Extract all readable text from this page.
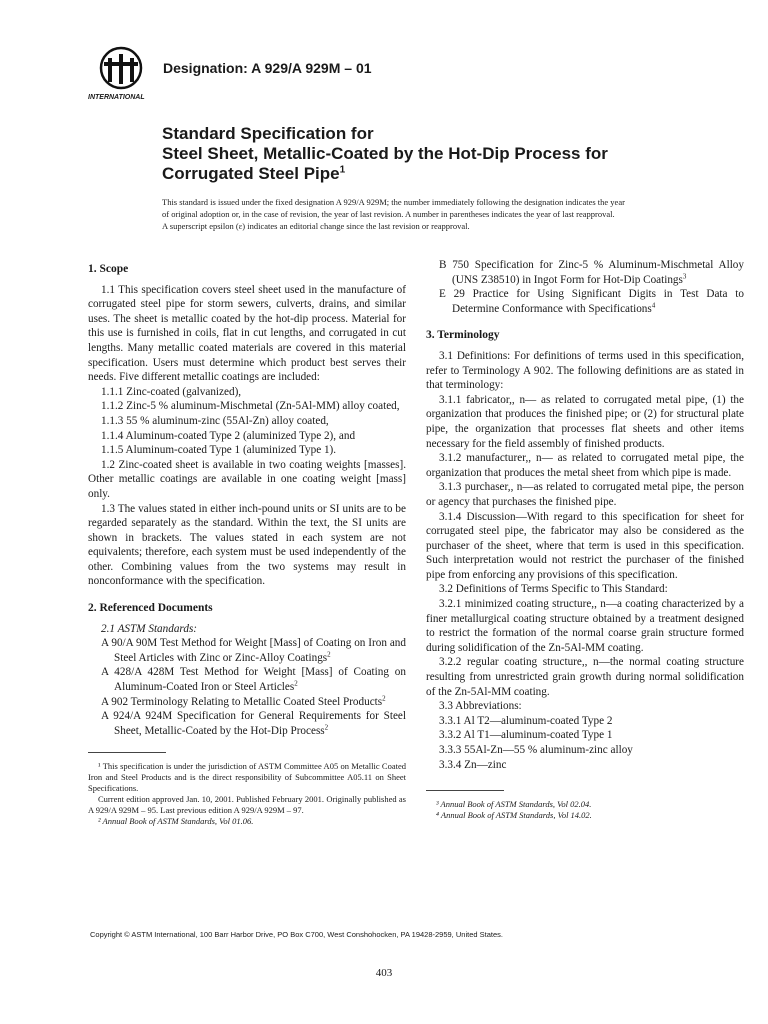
INTERNATIONAL
Designation: A 929/A 929M – 01
Standard Specification for
Steel Sheet, Metallic-Coated by the Hot-Dip Process for
Corrugated Steel Pipe$^1$
This standard is issued under the fixed designation A 929/A 929M; the number immediately following the designation indicates the year
of original adoption or, in the case of revision, the year of last revision. A number in parentheses indicates the year of last reapproval.
A superscript epsilon (ε) indicates an editorial change since the last revision or reapproval.
1. Scope

1.1 This specification covers steel sheet used in the manufacture of corrugated steel pipe for storm sewers, culverts, drains, and similar uses. The sheet is metallic coated by the hot-dip process. Material for this use is furnished in coils, flat in cut lengths, and corrugated in cut lengths. Many metallic coated materials are covered in this material specification. Users must determine which product best serves their needs. Five different metallic coatings are included:

1.1.1 Zinc-coated (galvanized),

1.1.2 Zinc-5 % aluminum-Mischmetal (Zn-5Al-MM) alloy coated,

1.1.3 55 % aluminum-zinc (55Al-Zn) alloy coated,

1.1.4 Aluminum-coated Type 2 (aluminized Type 2), and

1.1.5 Aluminum-coated Type 1 (aluminized Type 1).

1.2 Zinc-coated sheet is available in two coating weights [masses]. Other metallic coatings are available in one coating weight [mass] only.

1.3 The values stated in either inch-pound units or SI units are to be regarded separately as the standard. Within the text, the SI units are shown in brackets. The values stated in each system are not equivalents; therefore, each system must be used independently of the other. Combining values from the two systems may result in nonconformance with the specification.

2. Referenced Documents

2.1 ASTM Standards:

A 90/A 90M Test Method for Weight [Mass] of Coating on Iron and Steel Articles with Zinc or Zinc-Alloy Coatings$^2$

A 428/A 428M Test Method for Weight [Mass] of Coating on Aluminum-Coated Iron or Steel Articles$^2$

A 902 Terminology Relating to Metallic Coated Steel Products$^2$

A 924/A 924M Specification for General Requirements for Steel Sheet, Metallic-Coated by the Hot-Dip Process$^2$

¹ This specification is under the jurisdiction of ASTM Committee A05 on Metallic Coated Iron and Steel Products and is the direct responsibility of Subcommittee A05.11 on Sheet Specifications.

Current edition approved Jan. 10, 2001. Published February 2001. Originally published as A 929/A 929M – 95. Last previous edition A 929/A 929M – 97.

² Annual Book of ASTM Standards, Vol 01.06.

B 750 Specification for Zinc-5 % Aluminum-Mischmetal Alloy (UNS Z38510) in Ingot Form for Hot-Dip Coatings$^3$

E 29 Practice for Using Significant Digits in Test Data to Determine Conformance with Specifications$^4$

3. Terminology

3.1 Definitions: For definitions of terms used in this specification, refer to Terminology A 902. The following definitions are as stated in that terminology:

3.1.1 fabricator,, n— as related to corrugated metal pipe, (1) the organization that produces the finished pipe; or (2) for structural plate pipe, the organization that processes flat sheets and other items necessary for the field assembly of finished products.

3.1.2 manufacturer,, n— as related to corrugated metal pipe, the organization that produces the metal sheet from which pipe is made.

3.1.3 purchaser,, n—as related to corrugated metal pipe, the person or agency that purchases the finished pipe.

3.1.4 Discussion—With regard to this specification for sheet for corrugated steel pipe, the fabricator may also be considered as the purchaser of the sheet, where that term is used in this specification. Such interpretation would not restrict the purchaser of the finished pipe from enforcing any provisions of this specification.

3.2 Definitions of Terms Specific to This Standard:

3.2.1 minimized coating structure,, n—a coating characterized by a finer metallurgical coating structure obtained by a treatment designed to restrict the formation of the normal coarse grain structure formed during solidification of the Zn-5Al-MM coating.

3.2.2 regular coating structure,, n—the normal coating structure resulting from unrestricted grain growth during normal solidification of the Zn-5Al-MM coating.

3.3 Abbreviations:

3.3.1 Al T2—aluminum-coated Type 2

3.3.2 Al T1—aluminum-coated Type 1

3.3.3 55Al-Zn—55 % aluminum-zinc alloy

3.3.4 Zn—zinc

³ Annual Book of ASTM Standards, Vol 02.04.

⁴ Annual Book of ASTM Standards, Vol 14.02.

Copyright © ASTM International, 100 Barr Harbor Drive, PO Box C700, West Conshohocken, PA 19428-2959, United States.
403
